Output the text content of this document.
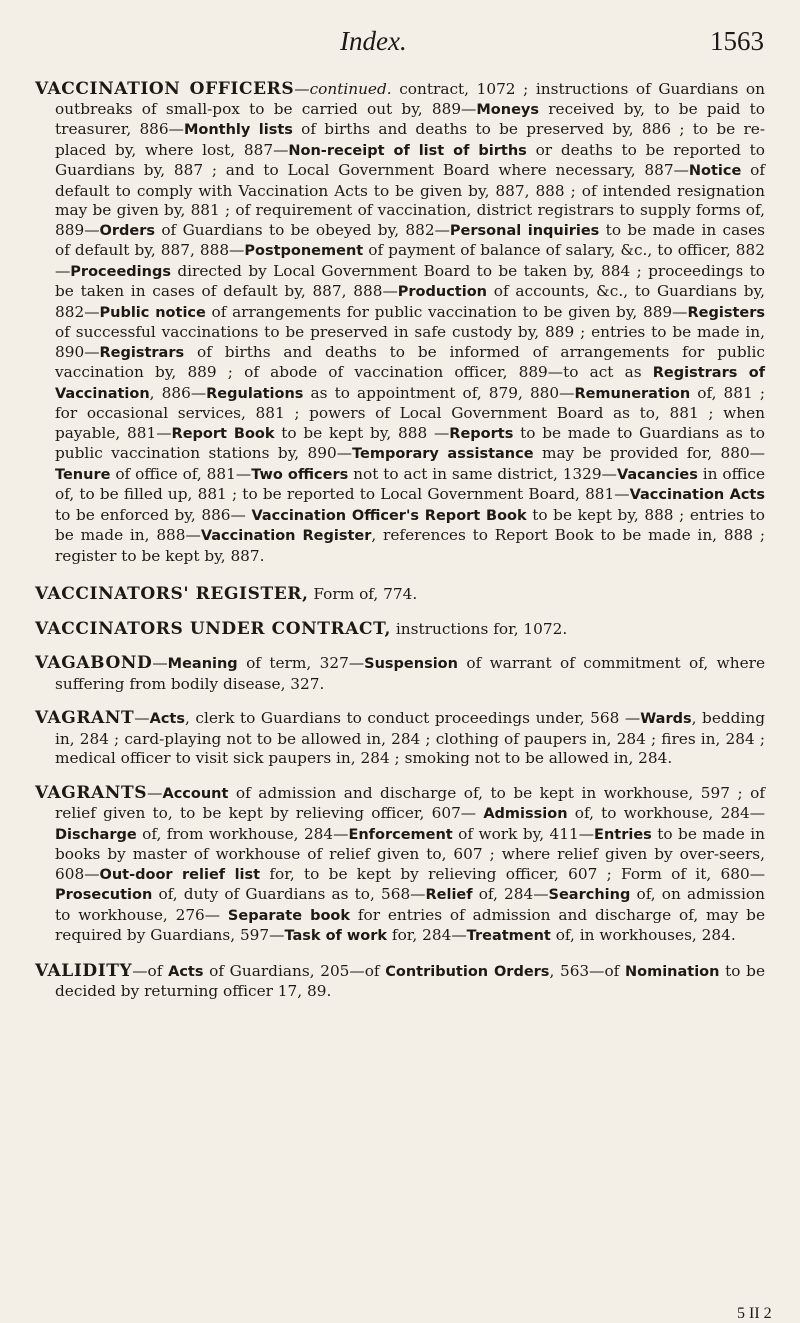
Index.	1563

VACCINATION OFFICERS—continued. contract, 1072 ; instructions of Guardians on outbreaks of small-pox to be carried out by, 889—Moneys received by, to be paid to treasurer, 886—Monthly lists of births and deaths to be preserved by, 886 ; to be re-placed by, where lost, 887—Non-receipt of list of births or deaths to be reported to Guardians by, 887 ; and to Local Government Board where necessary, 887—Notice of default to comply with Vaccination Acts to be given by, 887, 888 ; of intended resignation may be given by, 881 ; of requirement of vaccination, district registrars to supply forms of, 889—Orders of Guardians to be obeyed by, 882—Personal inquiries to be made in cases of default by, 887, 888—Postponement of payment of balance of salary, &c., to officer, 882—Proceedings directed by Local Government Board to be taken by, 884 ; proceedings to be taken in cases of default by, 887, 888—Production of accounts, &c., to Guardians by, 882—Public notice of arrangements for public vaccination to be given by, 889—Registers of successful vaccinations to be preserved in safe custody by, 889 ; entries to be made in, 890—Registrars of births and deaths to be informed of arrangements for public vaccination by, 889 ; of abode of vaccination officer, 889—to act as Registrars of Vaccination, 886—Regulations as to appointment of, 879, 880—Remuneration of, 881 ; for occasional services, 881 ; powers of Local Government Board as to, 881 ; when payable, 881—Report Book to be kept by, 888 —Reports to be made to Guardians as to public vaccination stations by, 890—Temporary assistance may be provided for, 880—Tenure of office of, 881—Two officers not to act in same district, 1329—Vacancies in office of, to be filled up, 881 ; to be reported to Local Government Board, 881—Vaccination Acts to be enforced by, 886— Vaccination Officer's Report Book to be kept by, 888 ; entries to be made in, 888—Vaccination Register, references to Report Book to be made in, 888 ; register to be kept by, 887.

VACCINATORS' REGISTER, Form of, 774.

VACCINATORS UNDER CONTRACT, instructions for, 1072.

VAGABOND—Meaning of term, 327—Suspension of warrant of commitment of, where suffering from bodily disease, 327.

VAGRANT—Acts, clerk to Guardians to conduct proceedings under, 568 —Wards, bedding in, 284 ; card-playing not to be allowed in, 284 ; clothing of paupers in, 284 ; fires in, 284 ; medical officer to visit sick paupers in, 284 ; smoking not to be allowed in, 284.

VAGRANTS—Account of admission and discharge of, to be kept in workhouse, 597 ; of relief given to, to be kept by relieving officer, 607— Admission of, to workhouse, 284—Discharge of, from workhouse, 284—Enforcement of work by, 411—Entries to be made in books by master of workhouse of relief given to, 607 ; where relief given by over-seers, 608—Out-door relief list for, to be kept by relieving officer, 607 ; Form of it, 680—Prosecution of, duty of Guardians as to, 568—Relief of, 284—Searching of, on admission to workhouse, 276— Separate book for entries of admission and discharge of, may be required by Guardians, 597—Task of work for, 284—Treatment of, in workhouses, 284.

VALIDITY—of Acts of Guardians, 205—of Contribution Orders, 563—of Nomination to be decided by returning officer 17, 89.

5 II 2
